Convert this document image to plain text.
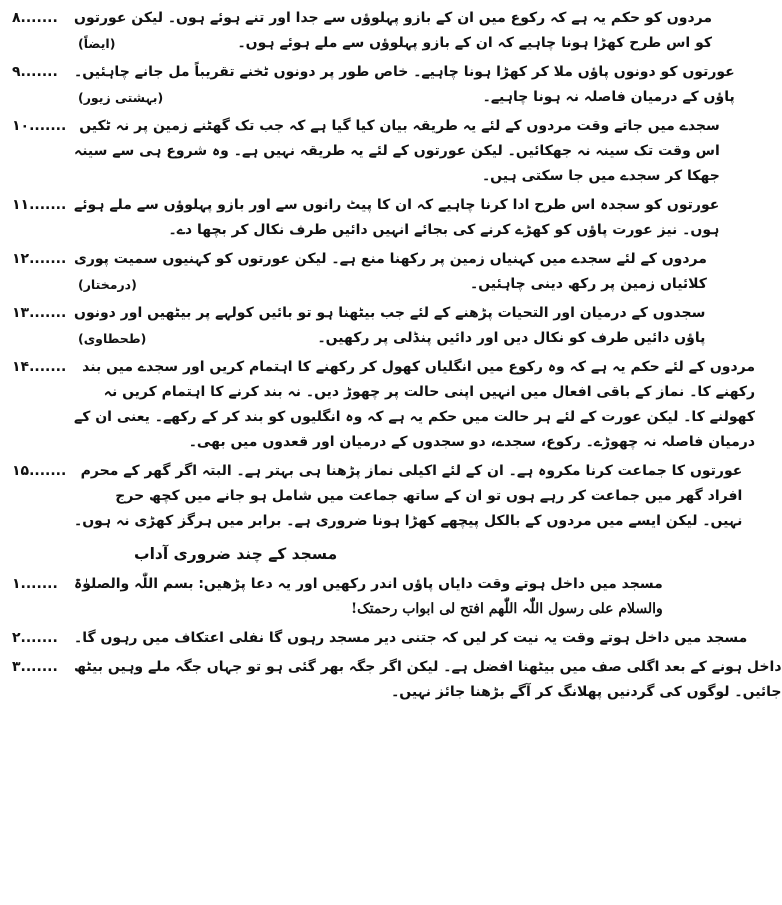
۸.......	مردوں کو حکم یہ ہے کہ رکوع میں ان کے بازو پہلوؤں سے جدا اور تنے ہوئے ہوں۔ لیکن عورتوں
(ایضاً)	کو اس طرح کھڑا ہونا چاہیے کہ ان کے بازو پہلوؤں سے ملے ہوئے ہوں۔
۹.......	عورتوں کو دونوں پاؤں ملا کر کھڑا ہونا چاہیے۔ خاص طور پر دونوں ٹخنے تقریباً مل جانے چاہئیں۔
(بہشتی زیور)	پاؤں کے درمیان فاصلہ نہ ہونا چاہیے۔
۱۰....... سجدے میں جاتے وقت مردوں کے لئے یہ طریقہ بیان کیا گیا ہے کہ جب تک گھٹنے زمین پر نہ ٹکیں
اس وقت تک سینہ نہ جھکائیں۔ لیکن عورتوں کے لئے یہ طریقہ نہیں ہے۔ وہ شروع ہی سے سینہ
جھکا کر سجدے میں جا سکتی ہیں۔
۱۱....... عورتوں کو سجدہ اس طرح ادا کرنا چاہیے کہ ان کا پیٹ رانوں سے اور بازو پہلوؤں سے ملے ہوئے
ہوں۔ نیز عورت پاؤں کو کھڑے کرنے کی بجائے انہیں دائیں طرف نکال کر بچھا دے۔
۱۲....... مردوں کے لئے سجدے میں کہنیاں زمین پر رکھنا منع ہے۔ لیکن عورتوں کو کہنیوں سمیت پوری
(درمختار)	کلائیاں زمین پر رکھ دینی چاہئیں۔
۱۳....... سجدوں کے درمیان اور التحیات پڑھنے کے لئے جب بیٹھنا ہو تو بائیں کولہے پر بیٹھیں اور دونوں
(طحطاوی)	پاؤں دائیں طرف کو نکال دیں اور دائیں پنڈلی پر رکھیں۔
۱۴.......	مردوں کے لئے حکم یہ ہے کہ وہ رکوع میں انگلیاں کھول کر رکھنے کا اہتمام کریں اور سجدے میں بند
رکھنے کا۔ نماز کے باقی افعال میں انہیں اپنی حالت پر چھوڑ دیں۔ نہ بند کرنے کا اہتمام کریں نہ
کھولنے کا۔ لیکن عورت کے لئے ہر حالت میں حکم یہ ہے کہ وہ انگلیوں کو بند کر کے رکھے۔ یعنی ان کے
درمیان فاصلہ نہ چھوڑے۔ رکوع، سجدے، دو سجدوں کے درمیان اور قعدوں میں بھی۔
۱۵.......	عورتوں کا جماعت کرنا مکروہ ہے۔ ان کے لئے اکیلی نماز پڑھنا ہی بہتر ہے۔ البتہ اگر گھر کے محرم
افراد گھر میں جماعت کر رہے ہوں تو ان کے ساتھ جماعت میں شامل ہو جانے میں کچھ حرج
نہیں۔ لیکن ایسے میں مردوں کے بالکل پیچھے کھڑا ہونا ضروری ہے۔ برابر میں ہرگز کھڑی نہ ہوں۔
مسجد کے چند ضروری آداب
۱.......	مسجد میں داخل ہوتے وقت دایاں پاؤں اندر رکھیں اور یہ دعا پڑھیں: بسم اللّٰہ والصلوٰۃ
والسلام علی رسول اللّٰہ اللّٰھم افتح لی ابواب رحمتک!
۲.......	مسجد میں داخل ہوتے وقت یہ نیت کر لیں کہ جتنی دیر مسجد رہوں گا نفلی اعتکاف میں رہوں گا۔
۳.......	داخل ہونے کے بعد اگلی صف میں بیٹھنا افضل ہے۔ لیکن اگر جگہ بھر گئی ہو تو جہاں جگہ ملے وہیں بیٹھ
جائیں۔ لوگوں کی گردنیں پھلانگ کر آگے بڑھنا جائز نہیں۔
